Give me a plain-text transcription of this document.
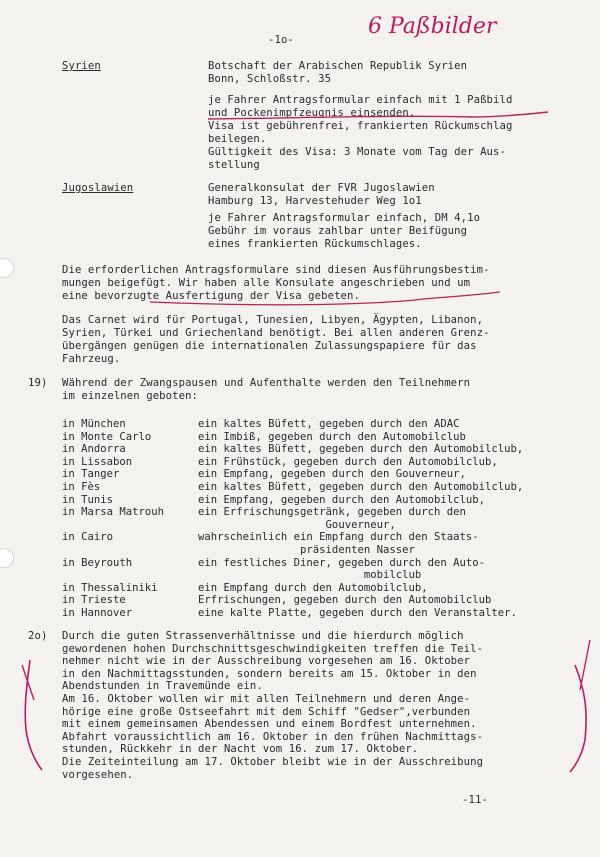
-1o-
6 Paßbilder
Syrien	Botschaft der Arabischen Republik Syrien
Bonn, Schloßstr. 35
je Fahrer Antragsformular einfach mit 1 Paßbild
und Pockenimpfzeugnis einsenden.
Visa ist gebührenfrei, frankierten Rückumschlag
beilegen.
Gültigkeit des Visa: 3 Monate vom Tag der Aus-
stellung
Jugoslawien	Generalkonsulat der FVR Jugoslawien
Hamburg 13, Harvestehuder Weg 1o1
je Fahrer Antragsformular einfach, DM 4,1o
Gebühr im voraus zahlbar unter Beifügung
eines frankierten Rückumschlages.
Die erforderlichen Antragsformulare sind diesen Ausführungsbestim-
mungen beigefügt. Wir haben alle Konsulate angeschrieben und um
eine bevorzugte Ausfertigung der Visa gebeten.
Das Carnet wird für Portugal, Tunesien, Libyen, Ägypten, Libanon,
Syrien, Türkei und Griechenland benötigt. Bei allen anderen Grenz-
übergängen genügen die internationalen Zulassungspapiere für das
Fahrzeug.
19) Während der Zwangspausen und Aufenthalte werden den Teilnehmern
im einzelnen geboten:
in München	ein kaltes Büfett, gegeben durch den ADAC
in Monte Carlo	ein Imbiß, gegeben durch den Automobilclub
in Andorra	ein kaltes Büfett, gegeben durch den Automobilclub,
in Lissabon	ein Frühstück, gegeben durch den Automobilclub,
in Tanger	ein Empfang, gegeben durch den Gouverneur,
in Fès	ein kaltes Büfett, gegeben durch den Automobilclub,
in Tunis	ein Empfang, gegeben durch den Automobilclub,
in Marsa Matrouh	ein Erfrischungsgetränk, gegeben durch den
Gouverneur,
in Cairo	wahrscheinlich ein Empfang durch den Staats-
präsidenten Nasser
in Beyrouth	ein festliches Diner, gegeben durch den Auto-
mobilclub
in Thessaliniki	ein Empfang durch den Automobilclub,
in Trieste	Erfrischungen, gegeben durch den Automobilclub
in Hannover	eine kalte Platte, gegeben durch den Veranstalter.
2o) Durch die guten Strassenverhältnisse und die hierdurch möglich
gewordenen hohen Durchschnittsgeschwindigkeiten treffen die Teil-
nehmer nicht wie in der Ausschreibung vorgesehen am 16. Oktober
in den Nachmittagsstunden, sondern bereits am 15. Oktober in den
Abendstunden in Travemünde ein.
Am 16. Oktober wollen wir mit allen Teilnehmern und deren Ange-
hörige eine große Ostseefahrt mit dem Schiff "Gedser",verbunden
mit einem gemeinsamen Abendessen und einem Bordfest unternehmen.
Abfahrt voraussichtlich am 16. Oktober in den frühen Nachmittags-
stunden, Rückkehr in der Nacht vom 16. zum 17. Oktober.
Die Zeiteinteilung am 17. Oktober bleibt wie in der Ausschreibung
vorgesehen.
-11-
